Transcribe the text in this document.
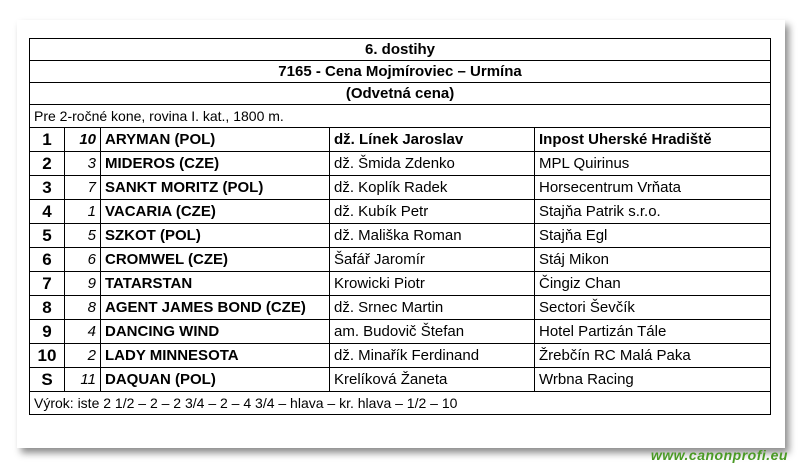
6. dostihy				
7165 - Cena Mojmíroviec – Urmína				
(Odvetná cena)				
Pre 2-ročné kone, rovina I. kat., 1800 m.				
1	10	ARYMAN (POL)	dž. Línek Jaroslav	Inpost Uherské Hradiště
2	3	MIDEROS (CZE)	dž. Šmida Zdenko	MPL Quirinus
3	7	SANKT MORITZ (POL)	dž. Koplík Radek	Horsecentrum Vrňata
4	1	VACARIA (CZE)	dž. Kubík Petr	Stajňa Patrik s.r.o.
5	5	SZKOT (POL)	dž. Mališka Roman	Stajňa Egl
6	6	CROMWEL (CZE)	Šafář Jaromír	Stáj Mikon
7	9	TATARSTAN	Krowicki Piotr	Čingiz Chan
8	8	AGENT JAMES BOND (CZE)	dž. Srnec Martin	Sectori Ševčík
9	4	DANCING WIND	am. Budovič Štefan	Hotel Partizán Tále
10	2	LADY MINNESOTA	dž. Minařík Ferdinand	Žrebčín RC Malá Paka
S	11	DAQUAN (POL)	Krelíková Žaneta	Wrbna Racing
Výrok: iste 2 1/2 – 2 – 2 3/4 – 2 – 4 3/4 – hlava – kr. hlava – 1/2 – 10				
www.canonprofi.eu
